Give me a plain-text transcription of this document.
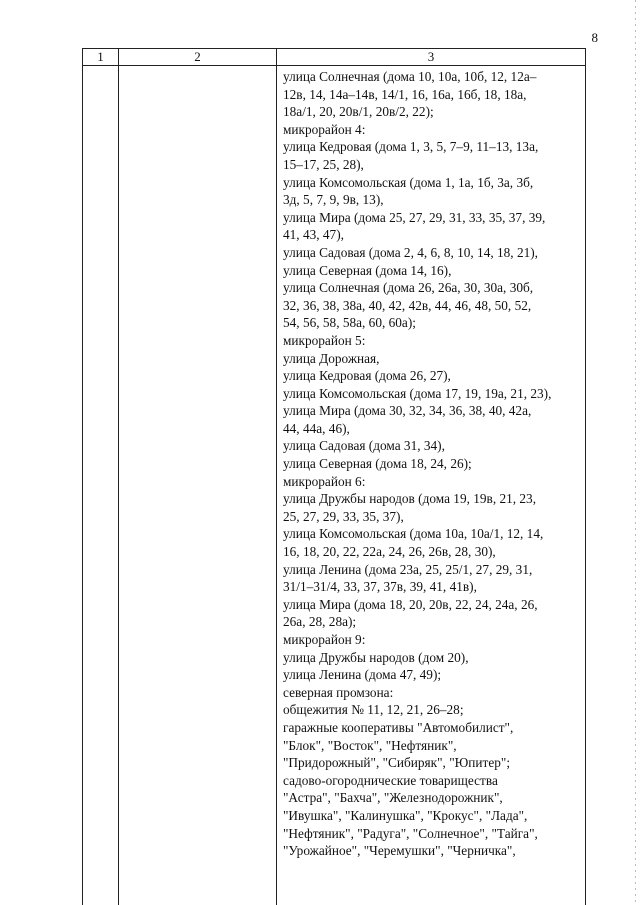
8
1	2	3
улица Солнечная (дома 10, 10а, 10б, 12, 12а–
12в, 14, 14а–14в, 14/1, 16, 16а, 16б, 18, 18а,
18а/1, 20, 20в/1, 20в/2, 22);
микрорайон 4:
улица Кедровая (дома 1, 3, 5, 7–9, 11–13, 13а,
15–17, 25, 28),
улица Комсомольская (дома 1, 1а, 1б, 3а, 3б,
3д, 5, 7, 9, 9в, 13),
улица Мира (дома 25, 27, 29, 31, 33, 35, 37, 39,
41, 43, 47),
улица Садовая (дома 2, 4, 6, 8, 10, 14, 18, 21),
улица Северная (дома 14, 16),
улица Солнечная (дома 26, 26а, 30, 30а, 30б,
32, 36, 38, 38а, 40, 42, 42в, 44, 46, 48, 50, 52,
54, 56, 58, 58а, 60, 60а);
микрорайон 5:
улица Дорожная,
улица Кедровая (дома 26, 27),
улица Комсомольская (дома 17, 19, 19а, 21, 23),
улица Мира (дома 30, 32, 34, 36, 38, 40, 42а,
44, 44а, 46),
улица Садовая (дома 31, 34),
улица Северная (дома 18, 24, 26);
микрорайон 6:
улица Дружбы народов (дома 19, 19в, 21, 23,
25, 27, 29, 33, 35, 37),
улица Комсомольская (дома 10а, 10а/1, 12, 14,
16, 18, 20, 22, 22а, 24, 26, 26в, 28, 30),
улица Ленина (дома 23а, 25, 25/1, 27, 29, 31,
31/1–31/4, 33, 37, 37в, 39, 41, 41в),
улица Мира (дома 18, 20, 20в, 22, 24, 24а, 26,
26а, 28, 28а);
микрорайон 9:
улица Дружбы народов (дом 20),
улица Ленина (дома 47, 49);
северная промзона:
общежития № 11, 12, 21, 26–28;
гаражные кооперативы "Автомобилист",
"Блок", "Восток", "Нефтяник",
"Придорожный", "Сибиряк", "Юпитер";
садово-огороднические товарищества
"Астра", "Бахча", "Железнодорожник",
"Ивушка", "Калинушка", "Крокус", "Лада",
"Нефтяник", "Радуга", "Солнечное", "Тайга",
"Урожайное", "Черемушки", "Черничка",
